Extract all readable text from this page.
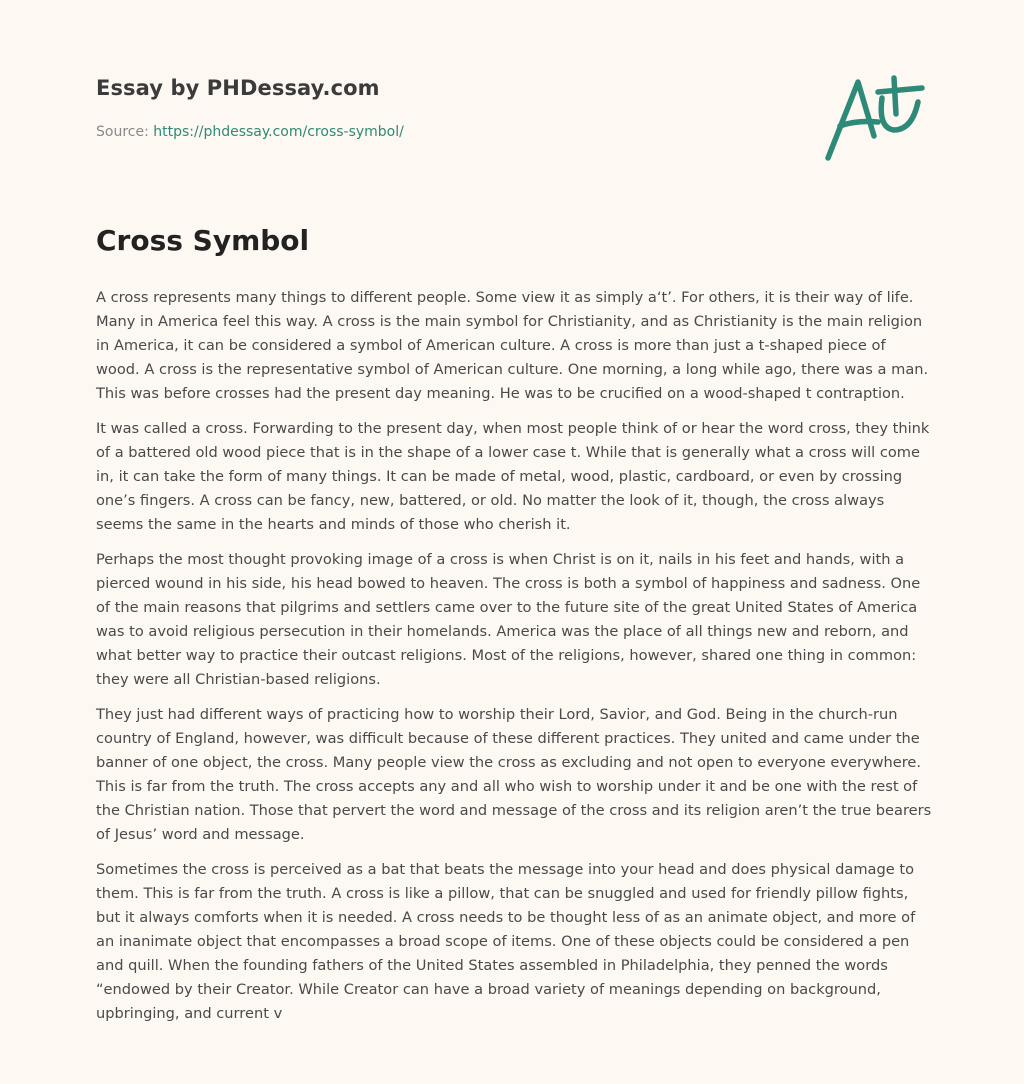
Essay by PHDessay.com
Source: https://phdessay.com/cross-symbol/
Cross Symbol

A cross represents many things to different people. Some view it as simply a‘t’. For others, it is their way of life. Many in America feel this way. A cross is the main symbol for Christianity, and as Christianity is the main religion in America, it can be considered a symbol of American culture. A cross is more than just a t-shaped piece of wood. A cross is the representative symbol of American culture. One morning, a long while ago, there was a man. This was before crosses had the present day meaning. He was to be crucified on a wood-shaped t contraption.

It was called a cross. Forwarding to the present day, when most people think of or hear the word cross, they think of a battered old wood piece that is in the shape of a lower case t. While that is generally what a cross will come in, it can take the form of many things. It can be made of metal, wood, plastic, cardboard, or even by crossing one’s fingers. A cross can be fancy, new, battered, or old. No matter the look of it, though, the cross always seems the same in the hearts and minds of those who cherish it.

Perhaps the most thought provoking image of a cross is when Christ is on it, nails in his feet and hands, with a pierced wound in his side, his head bowed to heaven. The cross is both a symbol of happiness and sadness. One of the main reasons that pilgrims and settlers came over to the future site of the great United States of America was to avoid religious persecution in their homelands. America was the place of all things new and reborn, and what better way to practice their outcast religions. Most of the religions, however, shared one thing in common: they were all Christian-based religions.

They just had different ways of practicing how to worship their Lord, Savior, and God. Being in the church-run country of England, however, was difficult because of these different practices. They united and came under the banner of one object, the cross. Many people view the cross as excluding and not open to everyone everywhere. This is far from the truth. The cross accepts any and all who wish to worship under it and be one with the rest of the Christian nation. Those that pervert the word and message of the cross and its religion aren’t the true bearers of Jesus’ word and message.

Sometimes the cross is perceived as a bat that beats the message into your head and does physical damage to them. This is far from the truth. A cross is like a pillow, that can be snuggled and used for friendly pillow fights, but it always comforts when it is needed. A cross needs to be thought less of as an animate object, and more of an inanimate object that encompasses a broad scope of items. One of these objects could be considered a pen and quill. When the founding fathers of the United States assembled in Philadelphia, they penned the words “endowed by their Creator. While Creator can have a broad variety of meanings depending on background, upbringing, and current v
